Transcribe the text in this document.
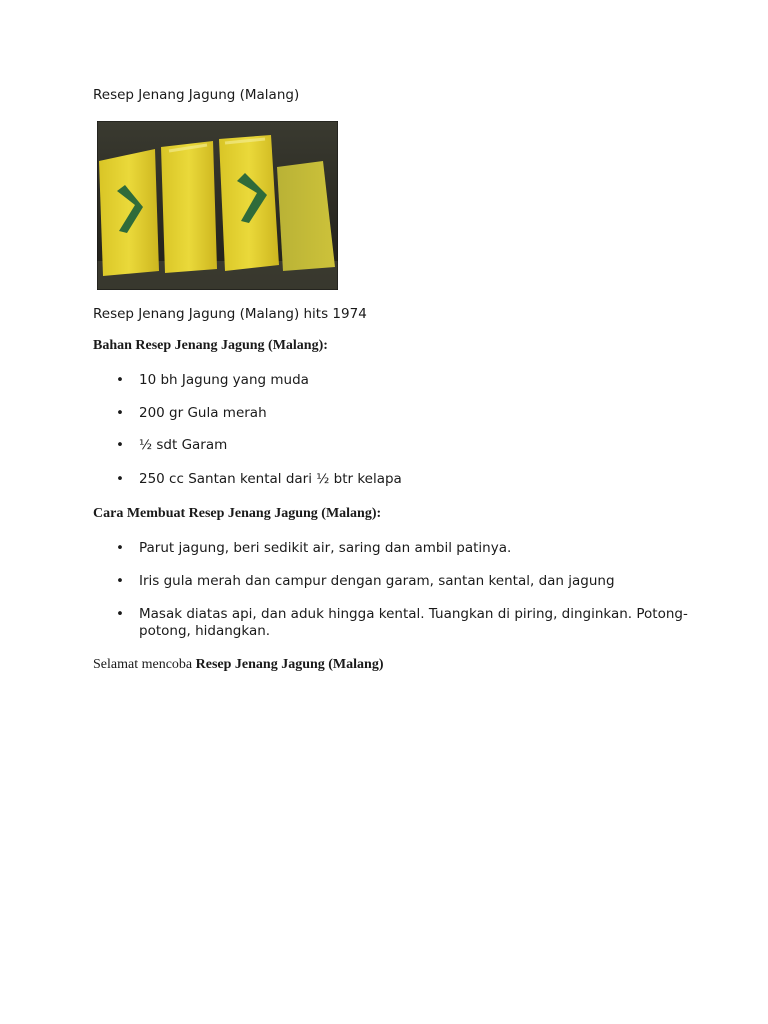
Resep Jenang Jagung (Malang)

Resep Jenang Jagung (Malang) hits 1974

Bahan Resep Jenang Jagung (Malang):

• 10 bh Jagung yang muda
• 200 gr Gula merah
• ½ sdt Garam
• 250 cc Santan kental dari ½ btr kelapa

Cara Membuat Resep Jenang Jagung (Malang):

• Parut jagung, beri sedikit air, saring dan ambil patinya.
• Iris gula merah dan campur dengan garam, santan kental, dan jagung
• Masak diatas api, dan aduk hingga kental. Tuangkan di piring, dinginkan. Potong-potong, hidangkan.

Selamat mencoba Resep Jenang Jagung (Malang)
